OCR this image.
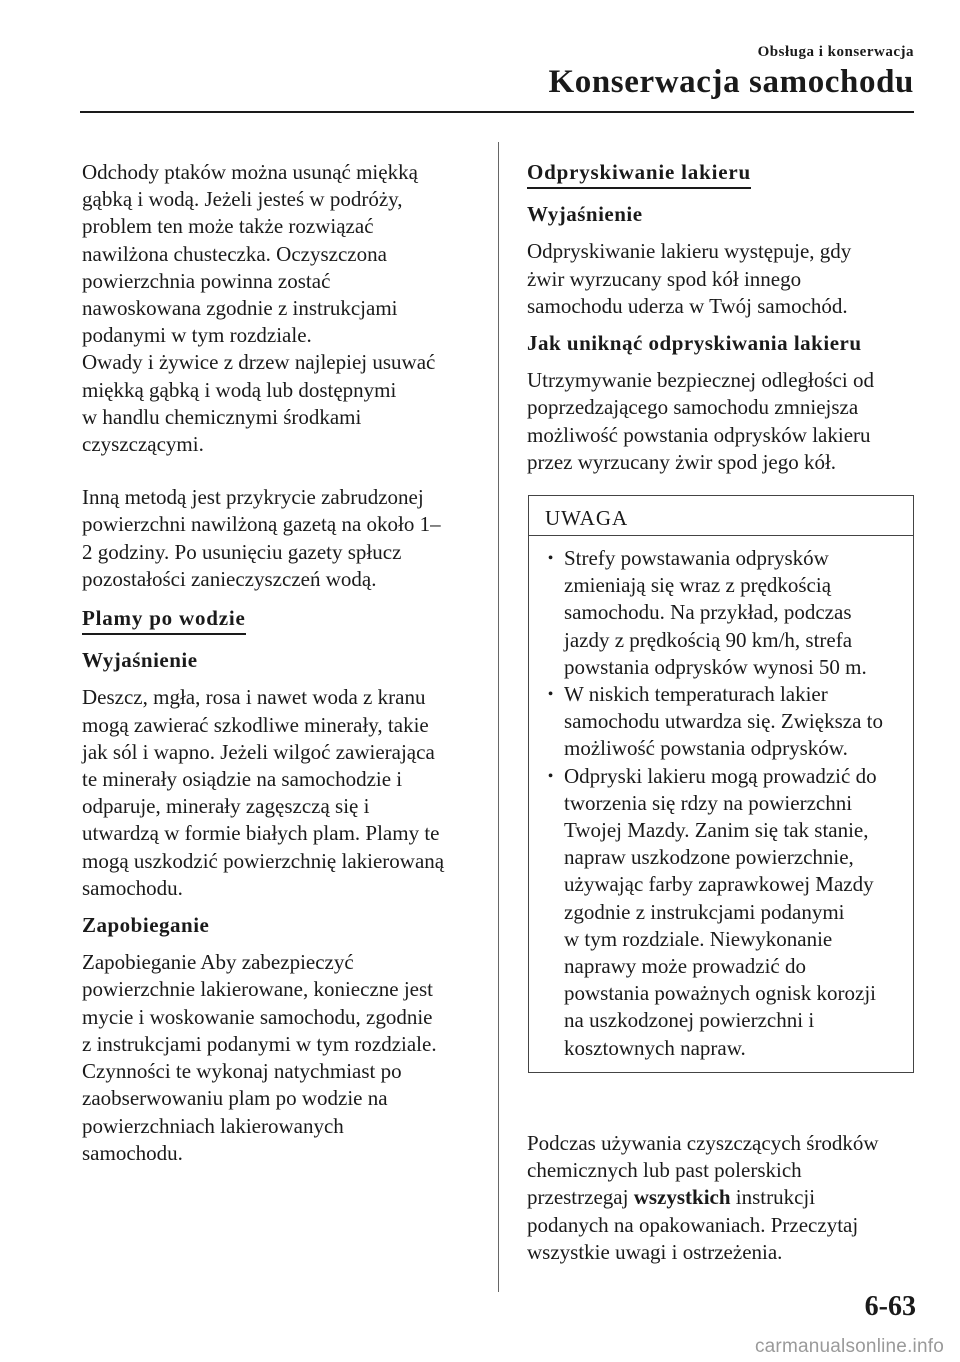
Obsługa i konserwacja
Konserwacja samochodu

Odchody ptaków można usunąć miękką
gąbką i wodą. Jeżeli jesteś w podróży,
problem ten może także rozwiązać
nawilżona chusteczka. Oczyszczona
powierzchnia powinna zostać
nawoskowana zgodnie z instrukcjami
podanymi w tym rozdziale.
Owady i żywice z drzew najlepiej usuwać
miękką gąbką i wodą lub dostępnymi
w handlu chemicznymi środkami
czyszczącymi.

Inną metodą jest przykrycie zabrudzonej
powierzchni nawilżoną gazetą na około 1–
2 godziny. Po usunięciu gazety spłucz
pozostałości zanieczyszczeń wodą.

Plamy po wodzie

Wyjaśnienie

Deszcz, mgła, rosa i nawet woda z kranu
mogą zawierać szkodliwe minerały, takie
jak sól i wapno. Jeżeli wilgoć zawierająca
te minerały osiądzie na samochodzie i
odparuje, minerały zagęszczą się i
utwardzą w formie białych plam. Plamy te
mogą uszkodzić powierzchnię lakierowaną
samochodu.

Zapobieganie

Zapobieganie Aby zabezpieczyć
powierzchnie lakierowane, konieczne jest
mycie i woskowanie samochodu, zgodnie
z instrukcjami podanymi w tym rozdziale.
Czynności te wykonaj natychmiast po
zaobserwowaniu plam po wodzie na
powierzchniach lakierowanych
samochodu.

Odpryskiwanie lakieru

Wyjaśnienie

Odpryskiwanie lakieru występuje, gdy
żwir wyrzucany spod kół innego
samochodu uderza w Twój samochód.

Jak uniknąć odpryskiwania lakieru

Utrzymywanie bezpiecznej odległości od
poprzedzającego samochodu zmniejsza
możliwość powstania odprysków lakieru
przez wyrzucany żwir spod jego kół.

UWAGA
• Strefy powstawania odprysków
zmieniają się wraz z prędkością
samochodu. Na przykład, podczas
jazdy z prędkością 90 km/h, strefa
powstania odprysków wynosi 50 m.
• W niskich temperaturach lakier
samochodu utwardza się. Zwiększa to
możliwość powstania odprysków.
• Odpryski lakieru mogą prowadzić do
tworzenia się rdzy na powierzchni
Twojej Mazdy. Zanim się tak stanie,
napraw uszkodzone powierzchnie,
używając farby zaprawkowej Mazdy
zgodnie z instrukcjami podanymi
w tym rozdziale. Niewykonanie
naprawy może prowadzić do
powstania poważnych ognisk korozji
na uszkodzonej powierzchni i
kosztownych napraw.

Podczas używania czyszczących środków
chemicznych lub past polerskich
przestrzegaj wszystkich instrukcji
podanych na opakowaniach. Przeczytaj
wszystkie uwagi i ostrzeżenia.

6-63
carmanualsonline.info
